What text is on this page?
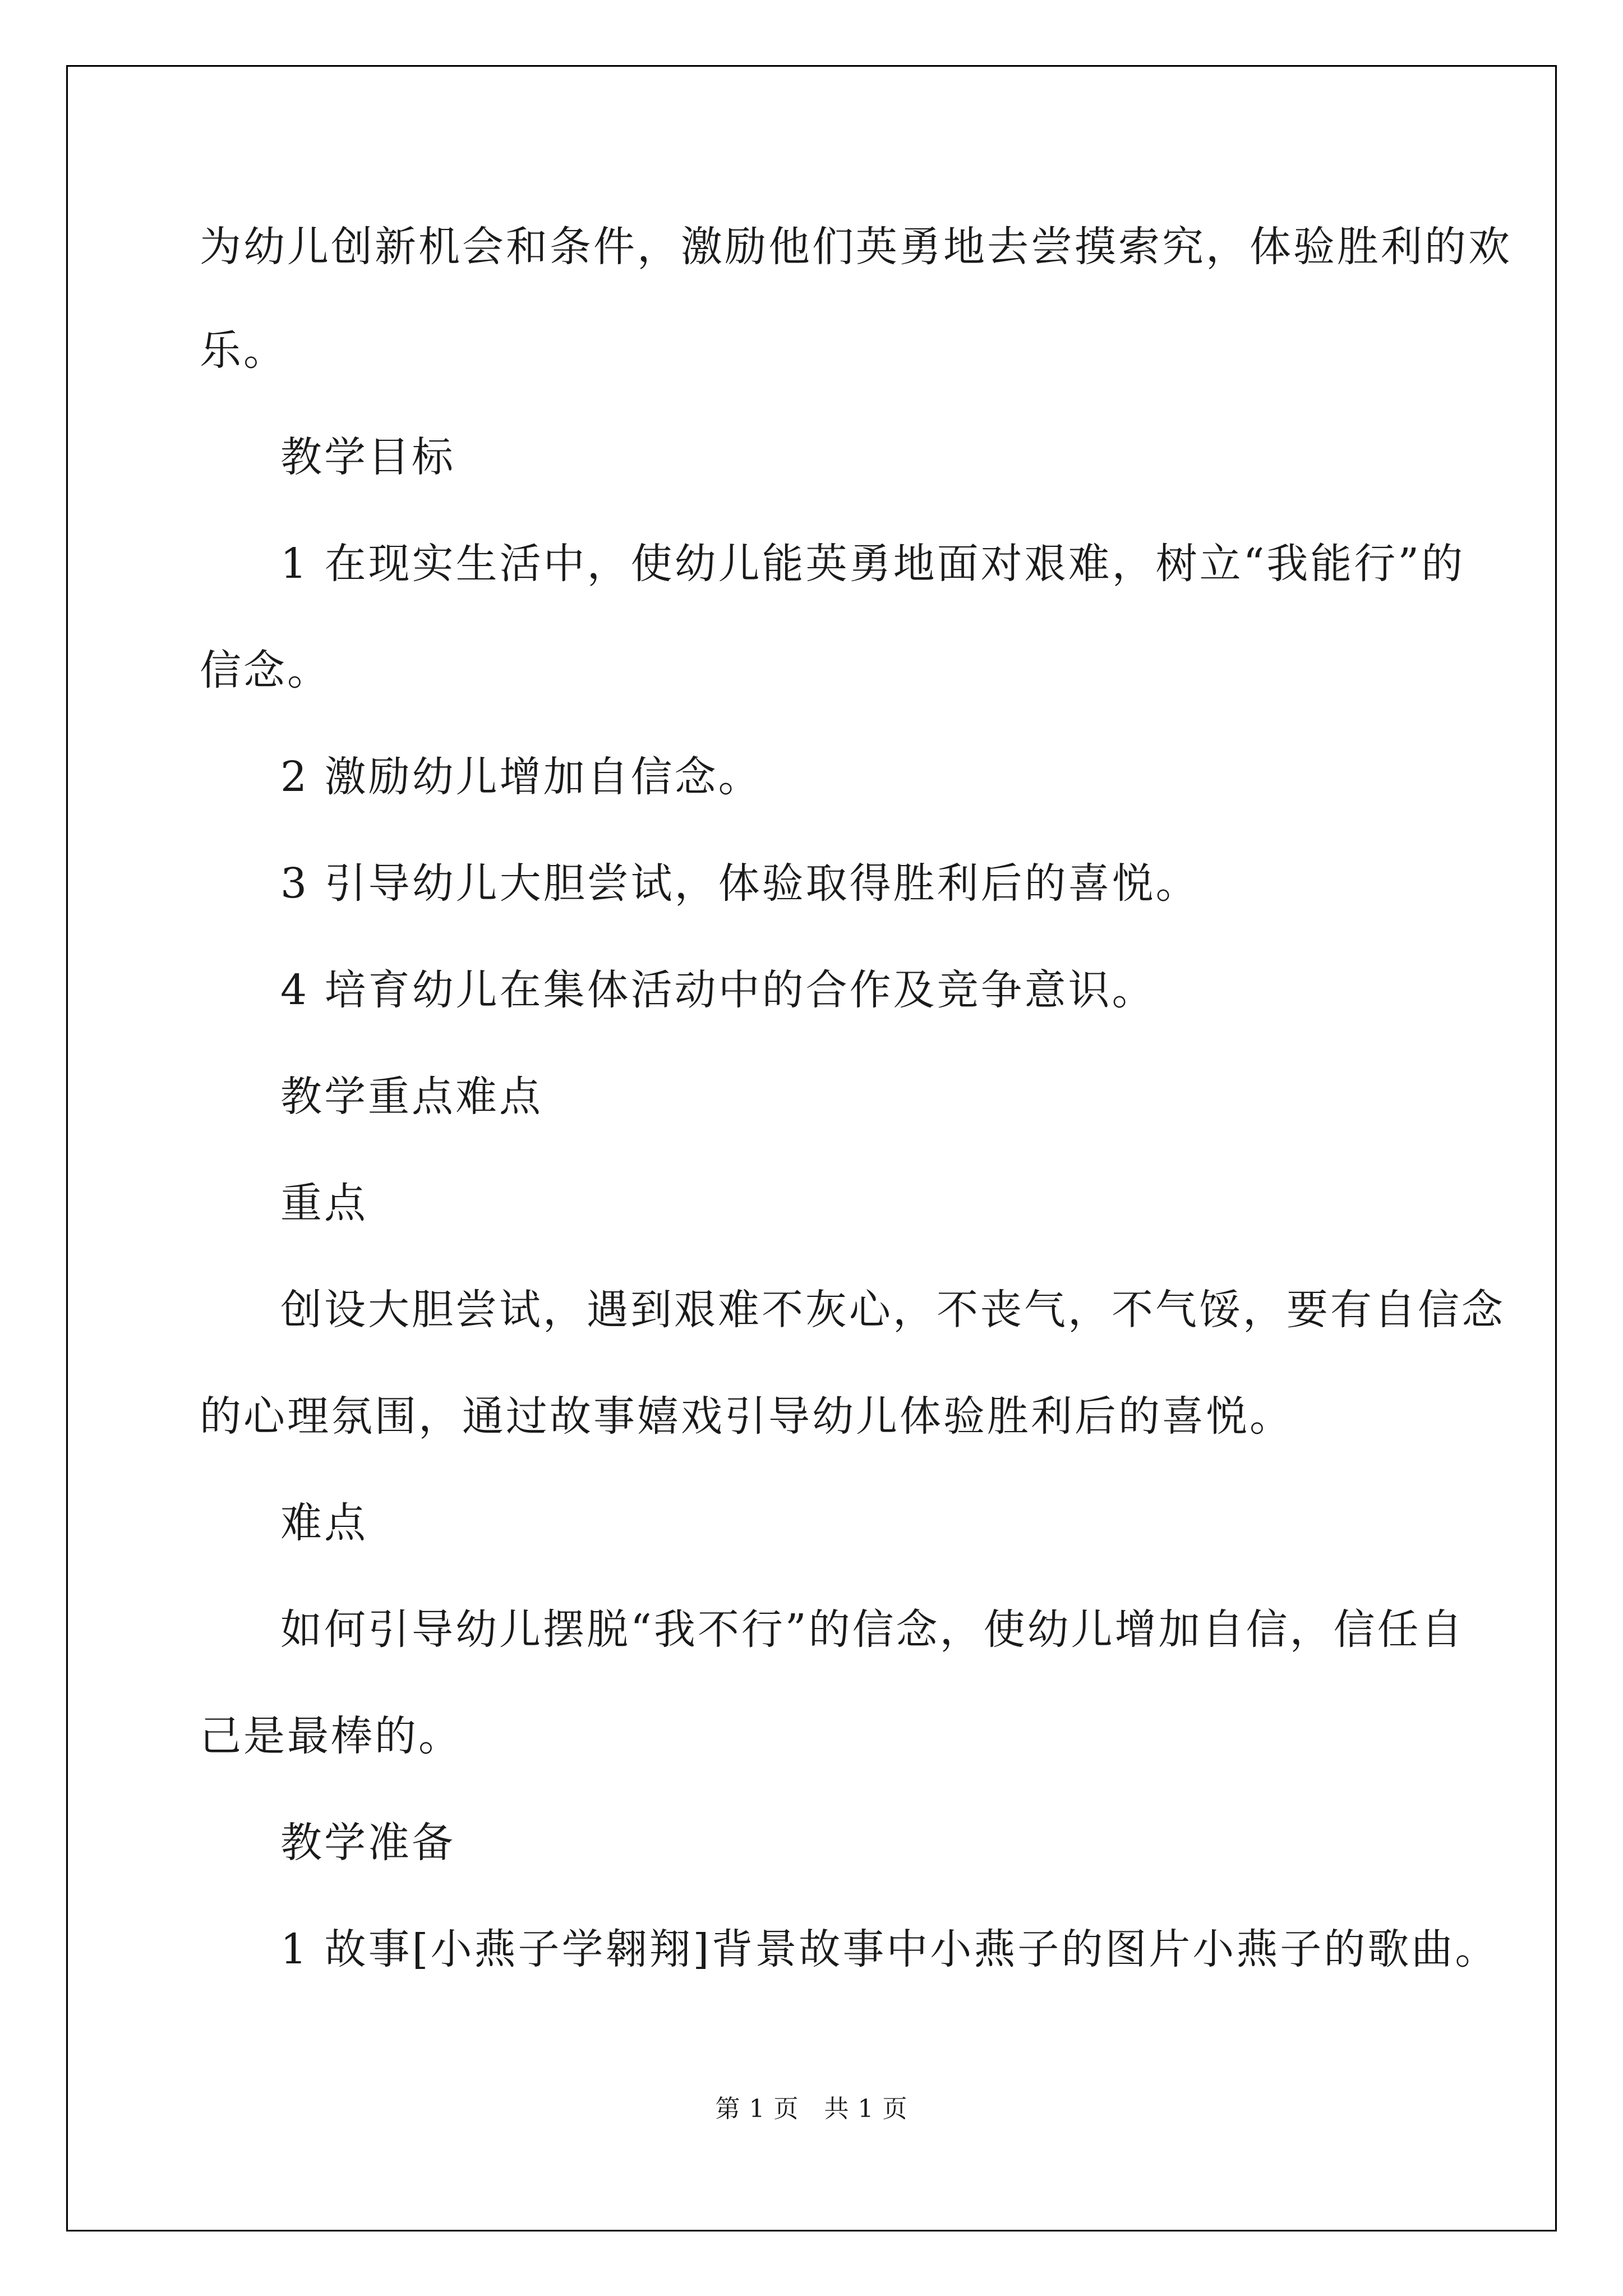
为幼儿创新机会和条件，激励他们英勇地去尝摸索究，体验胜利的欢
乐。
教学目标
1 在现实生活中，使幼儿能英勇地面对艰难，树立“我能行”的
信念。
2 激励幼儿增加自信念。
3 引导幼儿大胆尝试，体验取得胜利后的喜悦。
4 培育幼儿在集体活动中的合作及竞争意识。
教学重点难点
重点
创设大胆尝试，遇到艰难不灰心，不丧气，不气馁，要有自信念
的心理氛围，通过故事嬉戏引导幼儿体验胜利后的喜悦。
难点
如何引导幼儿摆脱“我不行”的信念，使幼儿增加自信，信任自
己是最棒的。
教学准备
1 故事[小燕子学翱翔]背景故事中小燕子的图片小燕子的歌曲。
第 1 页　共 1 页
